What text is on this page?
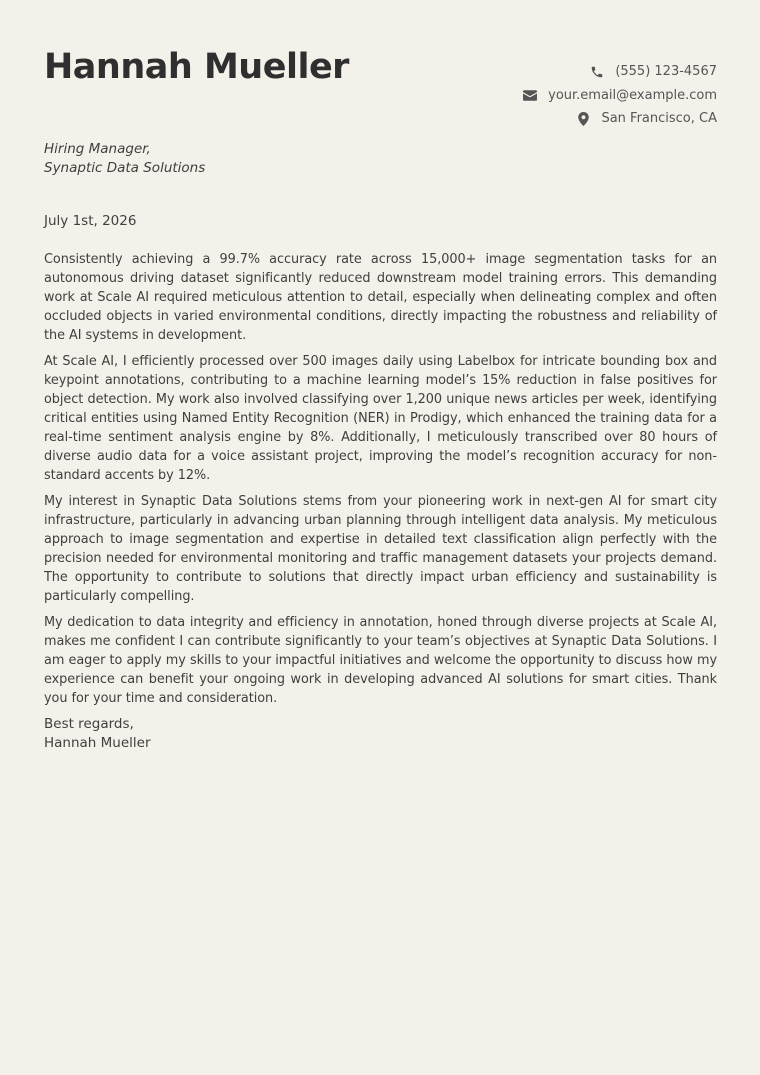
Hannah Mueller	(555) 123-4567
your.email@example.com
San Francisco, CA
Hiring Manager,
Synaptic Data Solutions
July 1st, 2026

Consistently achieving a 99.7% accuracy rate across 15,000+ image segmentation tasks for an autonomous driving dataset significantly reduced downstream model training errors. This demanding work at Scale AI required meticulous attention to detail, especially when delineating complex and often occluded objects in varied environmental conditions, directly impacting the robustness and reliability of the AI systems in development.

At Scale AI, I efficiently processed over 500 images daily using Labelbox for intricate bounding box and keypoint annotations, contributing to a machine learning model’s 15% reduction in false positives for object detection. My work also involved classifying over 1,200 unique news articles per week, identifying critical entities using Named Entity Recognition (NER) in Prodigy, which enhanced the training data for a real-time sentiment analysis engine by 8%. Additionally, I meticulously transcribed over 80 hours of diverse audio data for a voice assistant project, improving the model’s recognition accuracy for non-standard accents by 12%.

My interest in Synaptic Data Solutions stems from your pioneering work in next-gen AI for smart city infrastructure, particularly in advancing urban planning through intelligent data analysis. My meticulous approach to image segmentation and expertise in detailed text classification align perfectly with the precision needed for environmental monitoring and traffic management datasets your projects demand. The opportunity to contribute to solutions that directly impact urban efficiency and sustainability is particularly compelling.

My dedication to data integrity and efficiency in annotation, honed through diverse projects at Scale AI, makes me confident I can contribute significantly to your team’s objectives at Synaptic Data Solutions. I am eager to apply my skills to your impactful initiatives and welcome the opportunity to discuss how my experience can benefit your ongoing work in developing advanced AI solutions for smart cities. Thank you for your time and consideration.

Best regards,
Hannah Mueller
